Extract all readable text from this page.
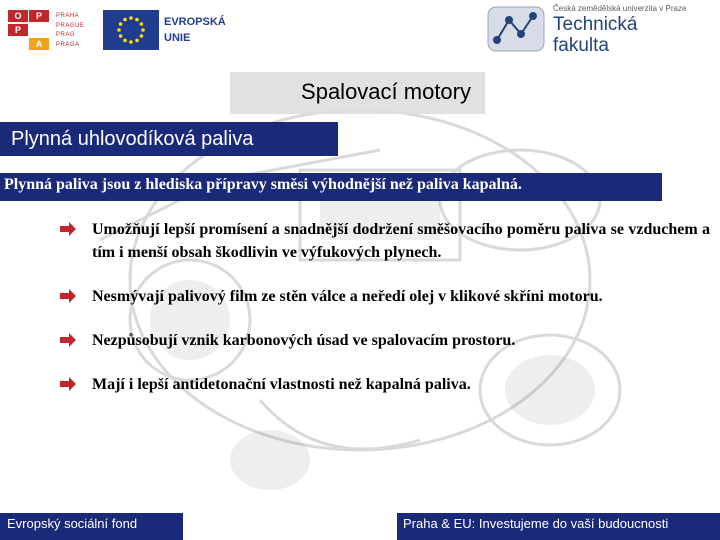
O	P
P
A
PRAHA
PRAGUE
PRAG
PRAGA
EVROPSKÁ
UNIE
Česká zemědělská univerzita v Praze
Technická
fakulta
Spalovací motory
Plynná uhlovodíková paliva
Plynná paliva jsou z hlediska přípravy směsi výhodnější než paliva kapalná.
Umožňují lepší promísení a snadnější dodržení směšovacího poměru paliva se vzduchem a tím i menší obsah škodlivin ve výfukových plynech.
Nesmývají palivový film ze stěn válce a neředí olej v klikové skříni motoru.
Nezpůsobují vznik karbonových úsad ve spalovacím prostoru.
Mají i lepší antidetonační vlastnosti než kapalná paliva.
Evropský sociální fond	Praha & EU: Investujeme do vaší budoucnosti
